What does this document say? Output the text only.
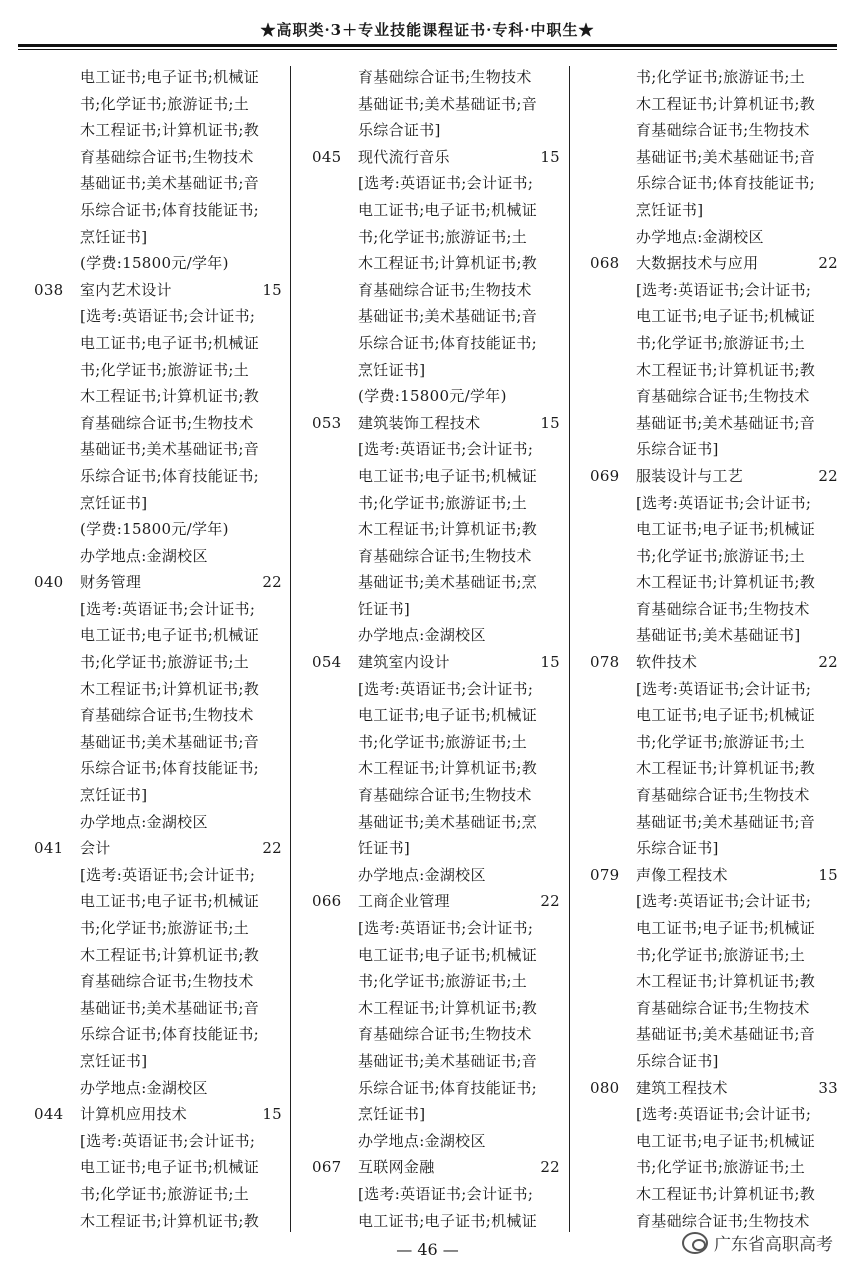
★高职类·3＋专业技能课程证书·专科·中职生★
电工证书;电子证书;机械证
书;化学证书;旅游证书;土
木工程证书;计算机证书;教
育基础综合证书;生物技术
基础证书;美术基础证书;音
乐综合证书;体育技能证书;
烹饪证书]
(学费:15800元/学年)
038 室内艺术设计	15
[选考:英语证书;会计证书;
电工证书;电子证书;机械证
书;化学证书;旅游证书;土
木工程证书;计算机证书;教
育基础综合证书;生物技术
基础证书;美术基础证书;音
乐综合证书;体育技能证书;
烹饪证书]
(学费:15800元/学年)
办学地点:金湖校区
040 财务管理	22
[选考:英语证书;会计证书;
电工证书;电子证书;机械证
书;化学证书;旅游证书;土
木工程证书;计算机证书;教
育基础综合证书;生物技术
基础证书;美术基础证书;音
乐综合证书;体育技能证书;
烹饪证书]
办学地点:金湖校区
041 会计	22
[选考:英语证书;会计证书;
电工证书;电子证书;机械证
书;化学证书;旅游证书;土
木工程证书;计算机证书;教
育基础综合证书;生物技术
基础证书;美术基础证书;音
乐综合证书;体育技能证书;
烹饪证书]
办学地点:金湖校区
044 计算机应用技术	15
[选考:英语证书;会计证书;
电工证书;电子证书;机械证
书;化学证书;旅游证书;土
木工程证书;计算机证书;教
育基础综合证书;生物技术
基础证书;美术基础证书;音
乐综合证书]
045 现代流行音乐	15
[选考:英语证书;会计证书;
电工证书;电子证书;机械证
书;化学证书;旅游证书;土
木工程证书;计算机证书;教
育基础综合证书;生物技术
基础证书;美术基础证书;音
乐综合证书;体育技能证书;
烹饪证书]
(学费:15800元/学年)
053 建筑装饰工程技术	15
[选考:英语证书;会计证书;
电工证书;电子证书;机械证
书;化学证书;旅游证书;土
木工程证书;计算机证书;教
育基础综合证书;生物技术
基础证书;美术基础证书;烹
饪证书]
办学地点:金湖校区
054 建筑室内设计	15
[选考:英语证书;会计证书;
电工证书;电子证书;机械证
书;化学证书;旅游证书;土
木工程证书;计算机证书;教
育基础综合证书;生物技术
基础证书;美术基础证书;烹
饪证书]
办学地点:金湖校区
066 工商企业管理	22
[选考:英语证书;会计证书;
电工证书;电子证书;机械证
书;化学证书;旅游证书;土
木工程证书;计算机证书;教
育基础综合证书;生物技术
基础证书;美术基础证书;音
乐综合证书;体育技能证书;
烹饪证书]
办学地点:金湖校区
067 互联网金融	22
[选考:英语证书;会计证书;
电工证书;电子证书;机械证
书;化学证书;旅游证书;土
木工程证书;计算机证书;教
育基础综合证书;生物技术
基础证书;美术基础证书;音
乐综合证书;体育技能证书;
烹饪证书]
办学地点:金湖校区
068 大数据技术与应用	22
[选考:英语证书;会计证书;
电工证书;电子证书;机械证
书;化学证书;旅游证书;土
木工程证书;计算机证书;教
育基础综合证书;生物技术
基础证书;美术基础证书;音
乐综合证书]
069 服装设计与工艺	22
[选考:英语证书;会计证书;
电工证书;电子证书;机械证
书;化学证书;旅游证书;土
木工程证书;计算机证书;教
育基础综合证书;生物技术
基础证书;美术基础证书]
078 软件技术	22
[选考:英语证书;会计证书;
电工证书;电子证书;机械证
书;化学证书;旅游证书;土
木工程证书;计算机证书;教
育基础综合证书;生物技术
基础证书;美术基础证书;音
乐综合证书]
079 声像工程技术	15
[选考:英语证书;会计证书;
电工证书;电子证书;机械证
书;化学证书;旅游证书;土
木工程证书;计算机证书;教
育基础综合证书;生物技术
基础证书;美术基础证书;音
乐综合证书]
080 建筑工程技术	33
[选考:英语证书;会计证书;
电工证书;电子证书;机械证
书;化学证书;旅游证书;土
木工程证书;计算机证书;教
育基础综合证书;生物技术
— 46 —	广东省高职高考
